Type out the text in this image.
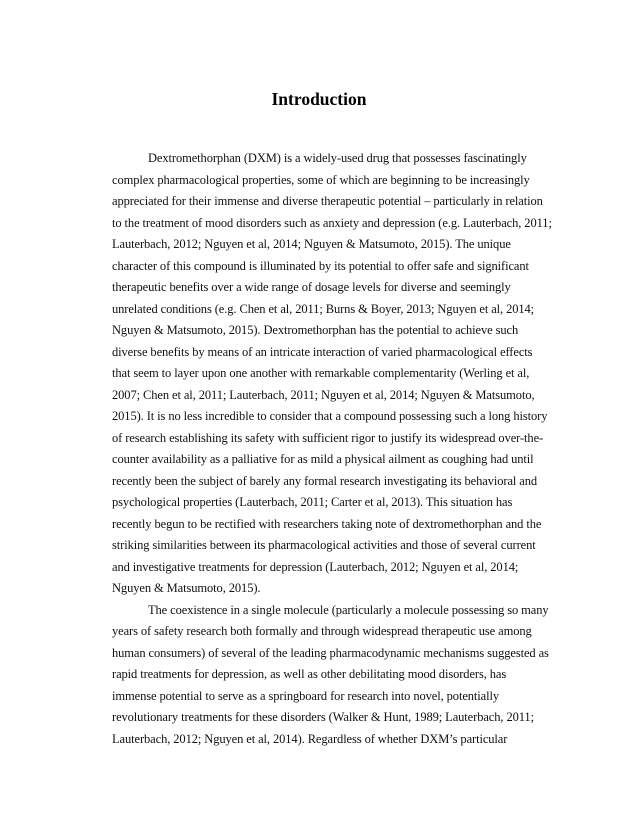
Introduction
Dextromethorphan (DXM) is a widely-used drug that possesses fascinatingly
complex pharmacological properties, some of which are beginning to be increasingly
appreciated for their immense and diverse therapeutic potential – particularly in relation
to the treatment of mood disorders such as anxiety and depression (e.g. Lauterbach, 2011;
Lauterbach, 2012; Nguyen et al, 2014; Nguyen & Matsumoto, 2015). The unique
character of this compound is illuminated by its potential to offer safe and significant
therapeutic benefits over a wide range of dosage levels for diverse and seemingly
unrelated conditions (e.g. Chen et al, 2011; Burns & Boyer, 2013; Nguyen et al, 2014;
Nguyen & Matsumoto, 2015). Dextromethorphan has the potential to achieve such
diverse benefits by means of an intricate interaction of varied pharmacological effects
that seem to layer upon one another with remarkable complementarity (Werling et al,
2007; Chen et al, 2011; Lauterbach, 2011; Nguyen et al, 2014; Nguyen & Matsumoto,
2015). It is no less incredible to consider that a compound possessing such a long history
of research establishing its safety with sufficient rigor to justify its widespread over-the-
counter availability as a palliative for as mild a physical ailment as coughing had until
recently been the subject of barely any formal research investigating its behavioral and
psychological properties (Lauterbach, 2011; Carter et al, 2013). This situation has
recently begun to be rectified with researchers taking note of dextromethorphan and the
striking similarities between its pharmacological activities and those of several current
and investigative treatments for depression (Lauterbach, 2012; Nguyen et al, 2014;
Nguyen & Matsumoto, 2015).
The coexistence in a single molecule (particularly a molecule possessing so many
years of safety research both formally and through widespread therapeutic use among
human consumers) of several of the leading pharmacodynamic mechanisms suggested as
rapid treatments for depression, as well as other debilitating mood disorders, has
immense potential to serve as a springboard for research into novel, potentially
revolutionary treatments for these disorders (Walker & Hunt, 1989; Lauterbach, 2011;
Lauterbach, 2012; Nguyen et al, 2014). Regardless of whether DXM’s particular
